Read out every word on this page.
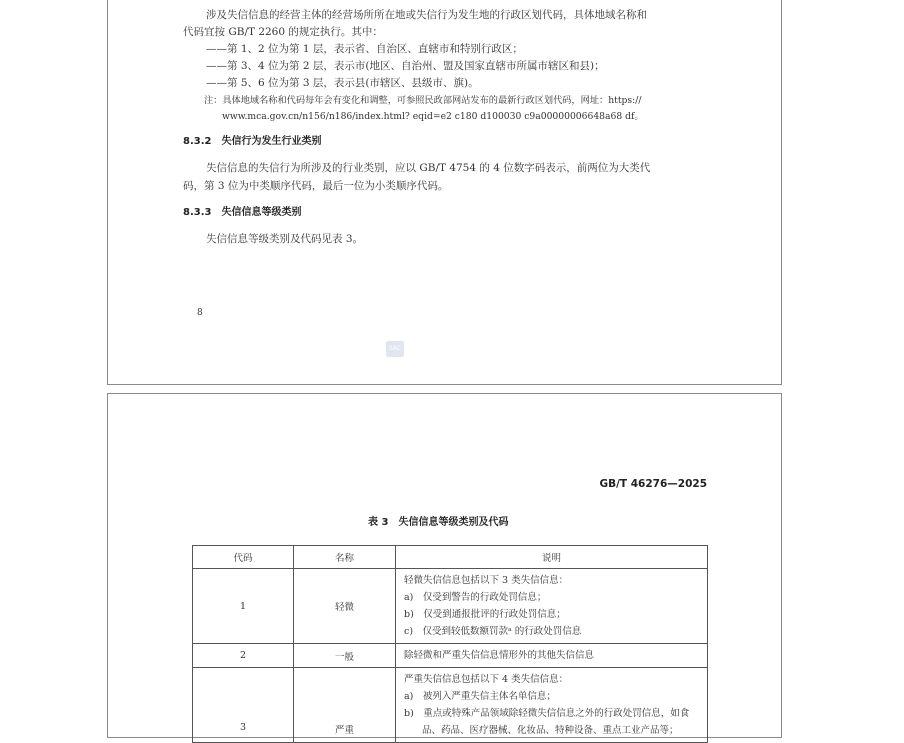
涉及失信信息的经营主体的经营场所所在地或失信行为发生地的行政区划代码，具体地域名称和
代码宜按 GB/T 2260 的规定执行。其中：
——第 1、2 位为第 1 层，表示省、自治区、直辖市和特别行政区；
——第 3、4 位为第 2 层，表示市(地区、自治州、盟及国家直辖市所属市辖区和县)；
——第 5、6 位为第 3 层，表示县(市辖区、县级市、旗)。
注：具体地域名称和代码每年会有变化和调整，可参照民政部网站发布的最新行政区划代码，网址：https://
www.mca.gov.cn/n156/n186/index.html? eqid=e2 c180 d100030 c9a00000006648a68 df。
8.3.2　失信行为发生行业类别
失信信息的失信行为所涉及的行业类别，应以 GB/T 4754 的 4 位数字码表示，前两位为大类代
码，第 3 位为中类顺序代码，最后一位为小类顺序代码。
8.3.3　失信信息等级类别
失信信息等级类别及代码见表 3。
8
SAC
GB/T 46276—2025
表 3　失信信息等级类别及代码
代码	名称	说明
1	轻微	轻微失信信息包括以下 3 类失信信息：
a)　仅受到警告的行政处罚信息；
b)　仅受到通报批评的行政处罚信息；
c)　仅受到较低数额罚款ᵃ 的行政处罚信息

2	一般	除轻微和严重失信信息情形外的其他失信信息

3	严重	严重失信信息包括以下 4 类失信信息：
a)　被列入严重失信主体名单信息；
b)　重点或特殊产品领域除轻微失信信息之外的行政处罚信息，如食品、药品、医疗器械、化妆品、特种设备、重点工业产品等；
